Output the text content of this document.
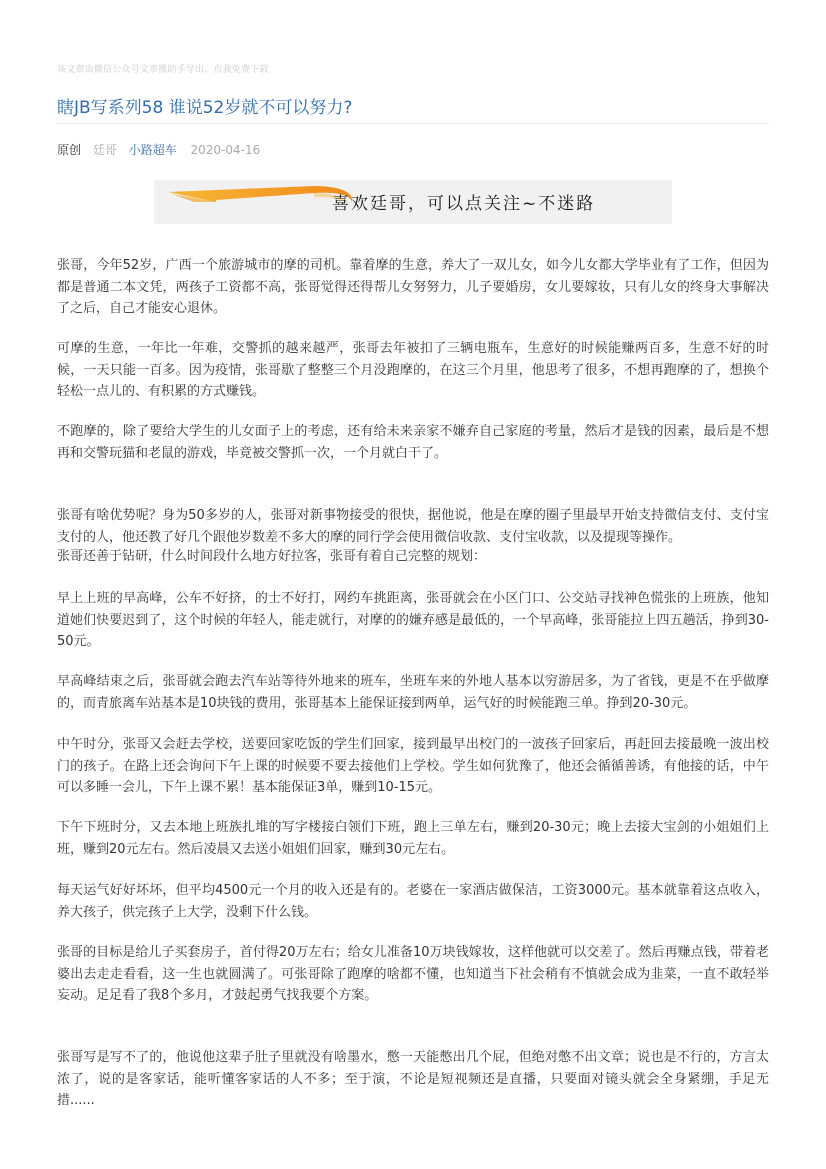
该文章由微信公众号文章搬助手导出，点我免费下载
瞎JB写系列58 谁说52岁就不可以努力?
原创 廷哥 小路超车 2020-04-16
喜欢廷哥，可以点关注~不迷路

张哥，今年52岁，广西一个旅游城市的摩的司机。靠着摩的生意，养大了一双儿女，如今儿女都大学毕业有了工作，但因为都是普通二本文凭，两孩子工资都不高，张哥觉得还得帮儿女努努力，儿子要婚房，女儿要嫁妆，只有儿女的终身大事解决了之后，自己才能安心退休。

可摩的生意，一年比一年难，交警抓的越来越严，张哥去年被扣了三辆电瓶车，生意好的时候能赚两百多，生意不好的时候，一天只能一百多。因为疫情，张哥歇了整整三个月没跑摩的，在这三个月里，他思考了很多，不想再跑摩的了，想换个轻松一点儿的、有积累的方式赚钱。

不跑摩的，除了要给大学生的儿女面子上的考虑，还有给未来亲家不嫌弃自己家庭的考量，然后才是钱的因素，最后是不想再和交警玩猫和老鼠的游戏，毕竟被交警抓一次，一个月就白干了。

张哥有啥优势呢？身为50多岁的人，张哥对新事物接受的很快，据他说，他是在摩的圈子里最早开始支持微信支付、支付宝支付的人，他还教了好几个跟他岁数差不多大的摩的同行学会使用微信收款、支付宝收款，以及提现等操作。

张哥还善于钻研，什么时间段什么地方好拉客，张哥有着自己完整的规划：

早上上班的早高峰，公车不好挤，的士不好打，网约车挑距离，张哥就会在小区门口、公交站寻找神色慌张的上班族，他知道她们快要迟到了，这个时候的年轻人，能走就行，对摩的的嫌弃感是最低的，一个早高峰，张哥能拉上四五趟活，挣到30-50元。

早高峰结束之后，张哥就会跑去汽车站等待外地来的班车，坐班车来的外地人基本以穷游居多，为了省钱，更是不在乎做摩的，而青旅离车站基本是10块钱的费用，张哥基本上能保证接到两单，运气好的时候能跑三单。挣到20-30元。

中午时分，张哥又会赶去学校，送要回家吃饭的学生们回家，接到最早出校门的一波孩子回家后，再赶回去接最晚一波出校门的孩子。在路上还会询问下午上课的时候要不要去接他们上学校。学生如何犹豫了，他还会循循善诱，有他接的话，中午可以多睡一会儿，下午上课不累！基本能保证3单，赚到10-15元。

下午下班时分，又去本地上班族扎堆的写字楼接白领们下班，跑上三单左右，赚到20-30元；晚上去接大宝剑的小姐姐们上班，赚到20元左右。然后凌晨又去送小姐姐们回家，赚到30元左右。

每天运气好好坏坏，但平均4500元一个月的收入还是有的。老婆在一家酒店做保洁，工资3000元。基本就靠着这点收入，养大孩子，供完孩子上大学，没剩下什么钱。

张哥的目标是给儿子买套房子，首付得20万左右；给女儿准备10万块钱嫁妆，这样他就可以交差了。然后再赚点钱，带着老婆出去走走看看，这一生也就圆满了。可张哥除了跑摩的啥都不懂，也知道当下社会稍有不慎就会成为韭菜，一直不敢轻举妄动。足足看了我8个多月，才鼓起勇气找我要个方案。

张哥写是写不了的，他说他这辈子肚子里就没有啥墨水，憋一天能憋出几个屁，但绝对憋不出文章；说也是不行的，方言太浓了，说的是客家话，能听懂客家话的人不多；至于演，不论是短视频还是直播，只要面对镜头就会全身紧绷，手足无措......
